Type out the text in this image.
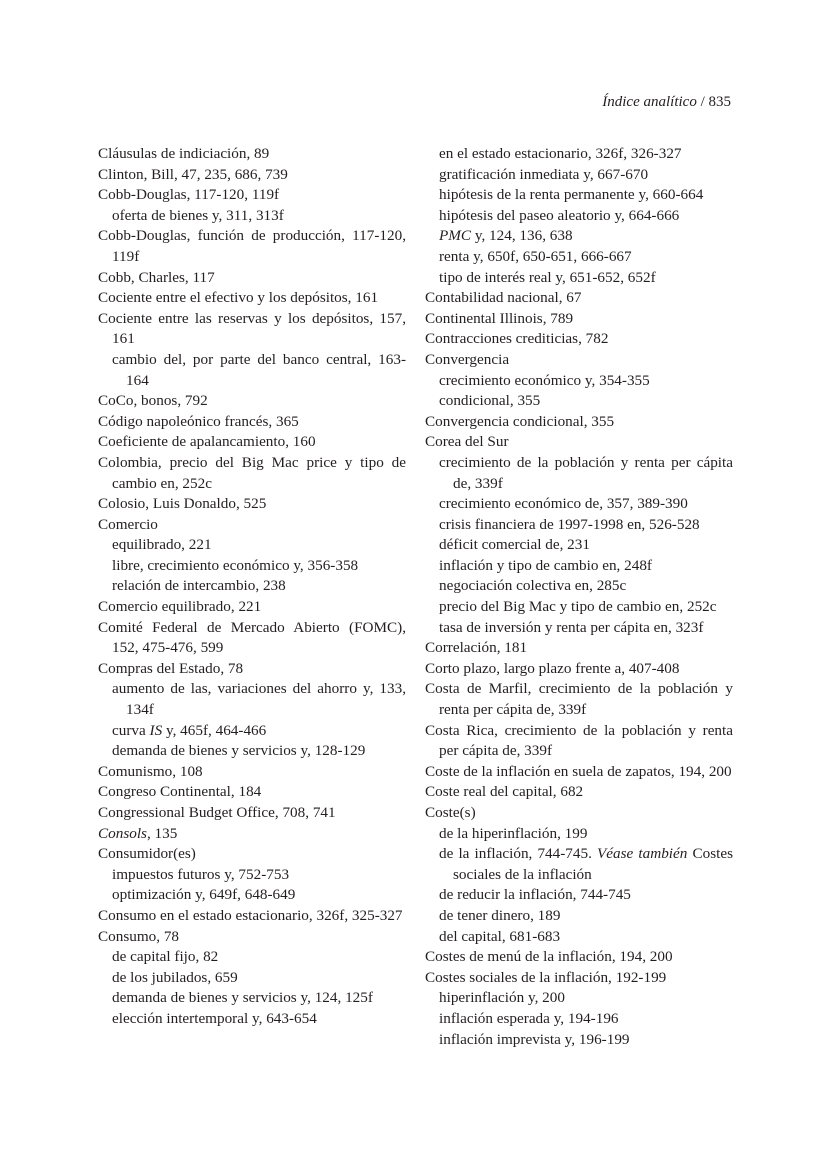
Índice analítico / 835

Cláusulas de indiciación, 89

Clinton, Bill, 47, 235, 686, 739

Cobb-Douglas, 117-120, 119f

oferta de bienes y, 311, 313f

Cobb-Douglas, función de producción, 117-120, 119f

Cobb, Charles, 117

Cociente entre el efectivo y los depósitos, 161

Cociente entre las reservas y los depósitos, 157, 161

cambio del, por parte del banco central, 163-164

CoCo, bonos, 792

Código napoleónico francés, 365

Coeficiente de apalancamiento, 160

Colombia, precio del Big Mac price y tipo de cambio en, 252c

Colosio, Luis Donaldo, 525

Comercio

equilibrado, 221

libre, crecimiento económico y, 356-358

relación de intercambio, 238

Comercio equilibrado, 221

Comité Federal de Mercado Abierto (FOMC), 152, 475-476, 599

Compras del Estado, 78

aumento de las, variaciones del ahorro y, 133, 134f

curva IS y, 465f, 464-466

demanda de bienes y servicios y, 128-129

Comunismo, 108

Congreso Continental, 184

Congressional Budget Office, 708, 741

Consols, 135

Consumidor(es)

impuestos futuros y, 752-753

optimización y, 649f, 648-649

Consumo en el estado estacionario, 326f, 325-327

Consumo, 78

de capital fijo, 82

de los jubilados, 659

demanda de bienes y servicios y, 124, 125f

elección intertemporal y, 643-654

en el estado estacionario, 326f, 326-327

gratificación inmediata y, 667-670

hipótesis de la renta permanente y, 660-664

hipótesis del paseo aleatorio y, 664-666

PMC y, 124, 136, 638

renta y, 650f, 650-651, 666-667

tipo de interés real y, 651-652, 652f

Contabilidad nacional, 67

Continental Illinois, 789

Contracciones crediticias, 782

Convergencia

crecimiento económico y, 354-355

condicional, 355

Convergencia condicional, 355

Corea del Sur

crecimiento de la población y renta per cápita de, 339f

crecimiento económico de, 357, 389-390

crisis financiera de 1997-1998 en, 526-528

déficit comercial de, 231

inflación y tipo de cambio en, 248f

negociación colectiva en, 285c

precio del Big Mac y tipo de cambio en, 252c

tasa de inversión y renta per cápita en, 323f

Correlación, 181

Corto plazo, largo plazo frente a, 407-408

Costa de Marfil, crecimiento de la población y renta per cápita de, 339f

Costa Rica, crecimiento de la población y renta per cápita de, 339f

Coste de la inflación en suela de zapatos, 194, 200

Coste real del capital, 682

Coste(s)

de la hiperinflación, 199

de la inflación, 744-745. Véase también Costes sociales de la inflación

de reducir la inflación, 744-745

de tener dinero, 189

del capital, 681-683

Costes de menú de la inflación, 194, 200

Costes sociales de la inflación, 192-199

hiperinflación y, 200

inflación esperada y, 194-196

inflación imprevista y, 196-199
